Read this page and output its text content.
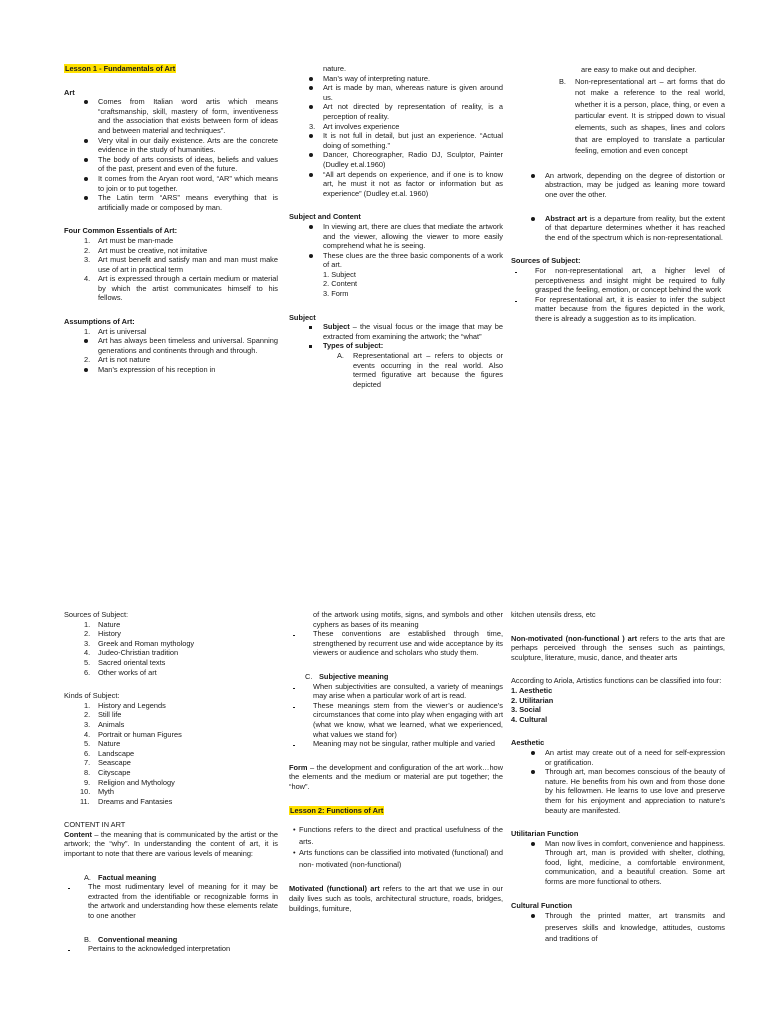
Lesson 1 - Fundamentals of Art

Art

Comes from Italian word artis which means “craftsmanship, skill, mastery of form, inventiveness and the association that exists between form of ideas and between material and techniques”.
Very vital in our daily existence. Arts are the concrete evidence in the study of humanities.
The body of arts consists of ideas, beliefs and values of the past, present and even of the future.
It comes from the Aryan root word, “AR” which means to join or to put together.
The Latin term “ARS” means everything that is artificially made or composed by man.

Four Common Essentials of Art:

1. Art must be man-made
2. Art must be creative, not imitative
3. Art must benefit and satisfy man and man must make use of art in practical term
4. Art is expressed through a certain medium or material by which the artist communicates himself to his fellows.

Assumptions of Art:

1. Art is universal
Art has always been timeless and universal. Spanning generations and continents through and through.
2. Art is not nature
Man’s expression of his reception in
nature.
Man’s way of interpreting nature.
Art is made by man, whereas nature is given around us.
Art not directed by representation of reality, is a perception of reality.
3. Art involves experience
It is not full in detail, but just an experience. “Actual doing of something.”
Dancer, Choreographer, Radio DJ, Sculptor, Painter (Dudley et.al.1960)
“All art depends on experience, and if one is to know art, he must it not as factor or information but as experience” (Dudley et.al. 1960)

Subject and Content

In viewing art, there are clues that mediate the artwork and the viewer, allowing the viewer to more easily comprehend what he is seeing.
These clues are the three basic components of a work of art.
1. Subject
2. Content
3. Form

Subject

Subject – the visual focus or the image that may be extracted from examining the artwork; the “what”
Types of subject:
A. Representational art – refers to objects or events occurring in the real world. Also termed figurative art because the figures depicted
are easy to make out and decipher.
B. Non-representational art – art forms that do not make a reference to the real world, whether it is a person, place, thing, or even a particular event. It is stripped down to visual elements, such as shapes, lines and colors that are employed to translate a particular feeling, emotion and even concept
An artwork, depending on the degree of distortion or abstraction, may be judged as leaning more toward one over the other.
Abstract art is a departure from reality, but the extent of that departure determines whether it has reached the end of the spectrum which is non-representational.

Sources of Subject:

For non-representational art, a higher level of perceptiveness and insight might be required to fully grasped the feeling, emotion, or concept behind the work
For representational art, it is easier to infer the subject matter because from the figures depicted in the work, there is already a suggestion as to its implication.

Sources of Subject:

1. Nature
2. History
3. Greek and Roman mythology
4. Judeo-Christian tradition
5. Sacred oriental texts
6. Other works of art

Kinds of Subject:

1. History and Legends
2. Still life
3. Animals
4. Portrait or human Figures
5. Nature
6. Landscape
7. Seascape
8. Cityscape
9. Religion and Mythology
10. Myth
11. Dreams and Fantasies

CONTENT IN ART

Content – the meaning that is communicated by the artist or the artwork; the “why”. In understanding the content of art, it is important to note that there are various levels of meaning:
A. Factual meaning
The most rudimentary level of meaning for it may be extracted from the identifiable or recognizable forms in the artwork and understanding how these elements relate to one another
B. Conventional meaning
Pertains to the acknowledged interpretation
of the artwork using motifs, signs, and symbols and other cyphers as bases of its meaning
These conventions are established through time, strengthened by recurrent use and wide acceptance by its viewers or audience and scholars who study them.
C. Subjective meaning
When subjectivities are consulted, a variety of meanings may arise when a particular work of art is read.
These meanings stem from the viewer’s or audience’s circumstances that come into play when engaging with art (what we know, what we learned, what we experienced, what values we stand for)
Meaning may not be singular, rather multiple and varied
Form – the development and configuration of the art work…how the elements and the medium or material are put together; the “how”.
Lesson 2: Functions of Art
• Functions refers to the direct and practical usefulness of the arts.
• Arts functions can be classified into motivated (functional) and non- motivated (non-functional)
Motivated (functional) art refers to the art that we use in our daily lives such as tools, architectural structure, roads, bridges, buildings, furniture,
kitchen utensils dress, etc
Non-motivated (non-functional ) art refers to the arts that are perhaps perceived through the senses such as paintings, sculpture, literature, music, dance, and theater arts
According to Ariola, Artistics functions can be classified into four:
1. Aesthetic
2. Utilitarian
3. Social
4. Cultural

Aesthetic

An artist may create out of a need for self-expression or gratification.
Through art, man becomes conscious of the beauty of nature. He benefits from his own and from those done by his fellowmen. He learns to use love and preserve them for his enjoyment and appreciation to nature’s beauty are manifested.

Utilitarian Function

Man now lives in comfort, convenience and happiness. Through art, man is provided with shelter, clothing, food, light, medicine, a comfortable environment, communication, and a beautiful creation. Some art forms are more functional to others.

Cultural Function

Through the printed matter, art transmits and preserves skills and knowledge, attitudes, customs and traditions of
